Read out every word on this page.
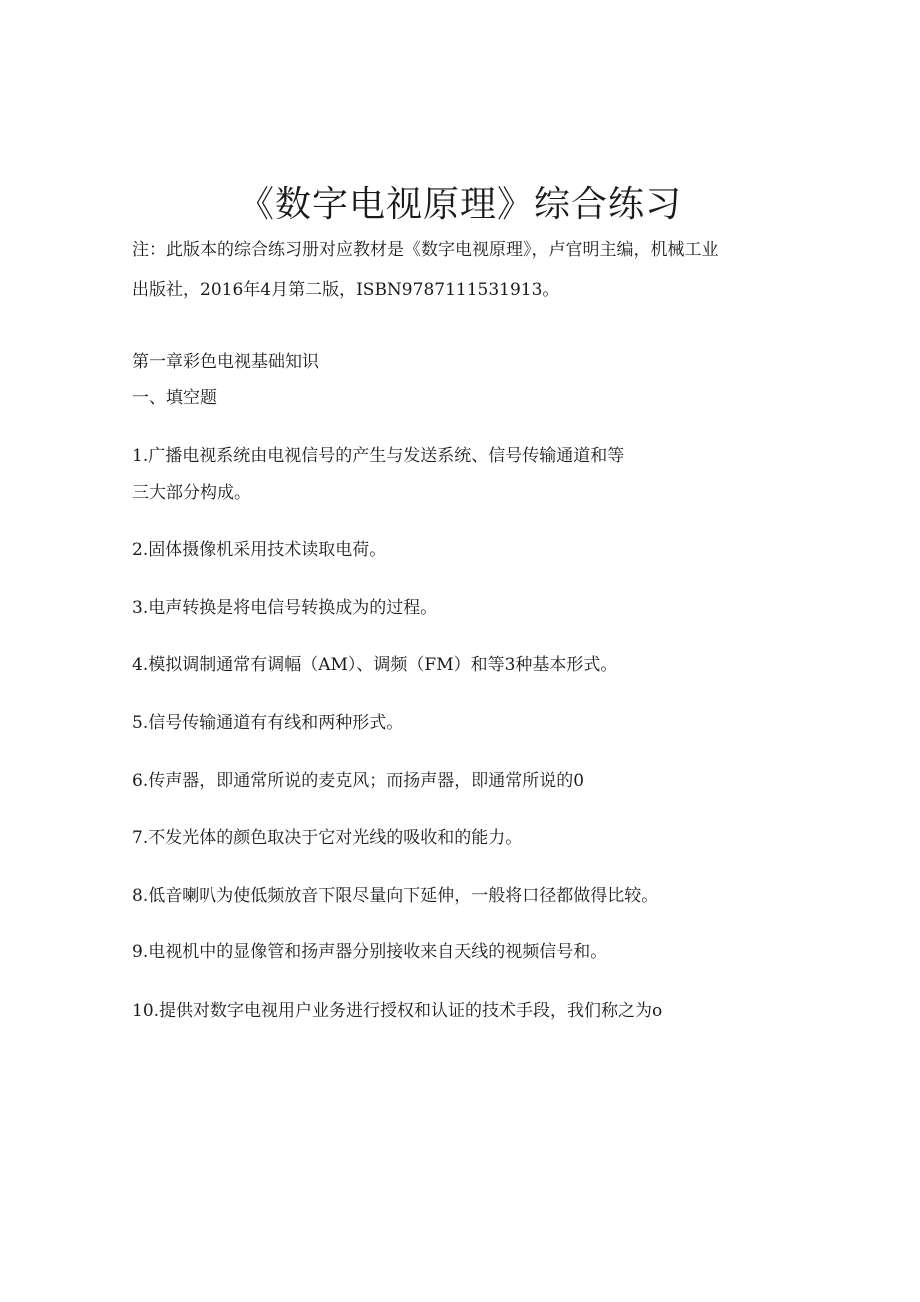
《数字电视原理》综合练习
注：此版本的综合练习册对应教材是《数字电视原理》，卢官明主编，机械工业
出版社，2016年4月第二版，ISBN9787111531913。
第一章彩色电视基础知识
一、填空题
1.广播电视系统由电视信号的产生与发送系统、信号传输通道和等
三大部分构成。
2.固体摄像机采用技术读取电荷。
3.电声转换是将电信号转换成为的过程。
4.模拟调制通常有调幅（AM）、调频（FM）和等3种基本形式。
5.信号传输通道有有线和两种形式。
6.传声器，即通常所说的麦克风；而扬声器，即通常所说的0
7.不发光体的颜色取决于它对光线的吸收和的能力。
8.低音喇叭为使低频放音下限尽量向下延伸，一般将口径都做得比较。
9.电视机中的显像管和扬声器分别接收来自天线的视频信号和。
10.提供对数字电视用户业务进行授权和认证的技术手段，我们称之为o
